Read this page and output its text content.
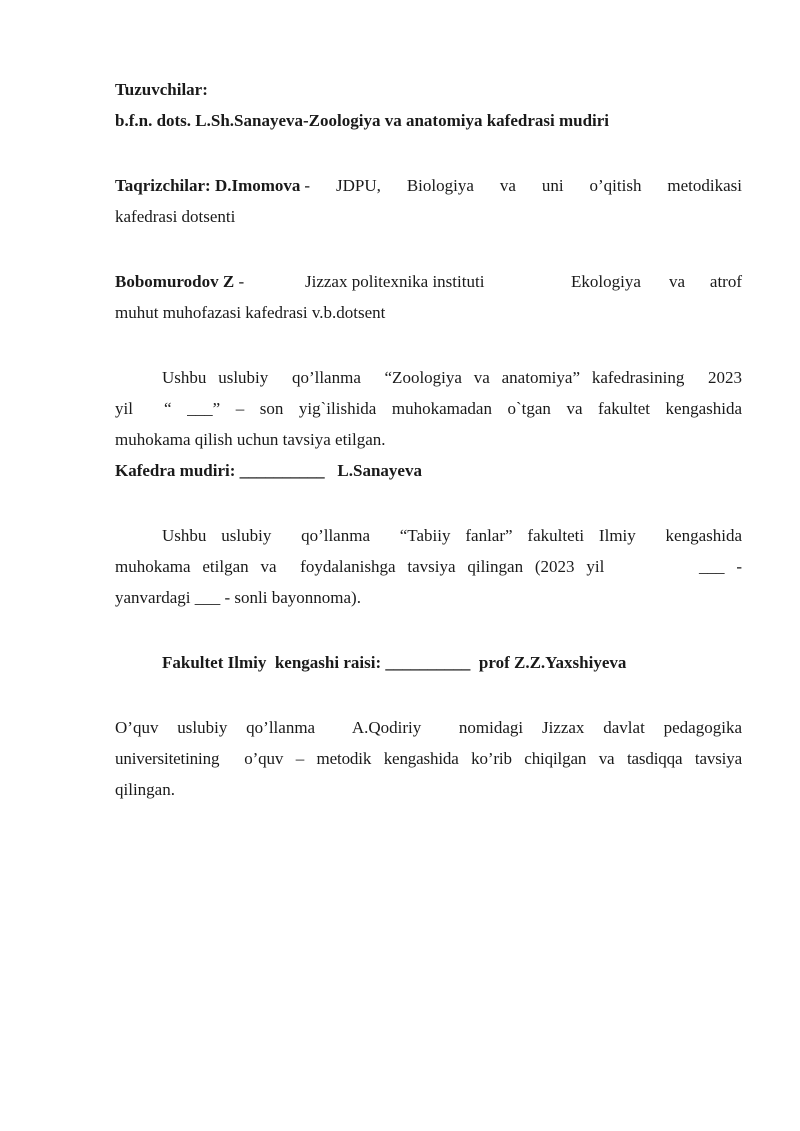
Tuzuvchilar:

b.f.n. dots. L.Sh.Sanayeva-Zoologiya va anatomiya kafedrasi mudiri

Taqrizchilar: D.Imomova - JDPU, Biologiya va uni o’qitish metodikasi

kafedrasi dotsenti

Bobomurodov Z -	Jizzax politexnika instituti	Ekologiya va atrof

muhut muhofazasi kafedrasi v.b.dotsent

Ushbu uslubiy  qo’llanma  “Zoologiya va anatomiya” kafedrasining  2023

yil  “ ___” – son yig`ilishida muhokamadan o`tgan va fakultet kengashida

muhokama qilish uchun tavsiya etilgan.

Kafedra mudiri: __________ L.Sanayeva

Ushbu uslubiy  qo’llanma  “Tabiiy fanlar” fakulteti Ilmiy  kengashida

muhokama etilgan va  foydalanishga tavsiya qilingan (2023 yil        ___ -

yanvardagi ___ - sonli bayonnoma).

Fakultet Ilmiy  kengashi raisi: __________ prof Z.Z.Yaxshiyeva

O’quv uslubiy qo’llanma  A.Qodiriy  nomidagi Jizzax davlat pedagogika

universitetining  o’quv – metodik kengashida ko’rib chiqilgan va tasdiqqa tavsiya

qilingan.
